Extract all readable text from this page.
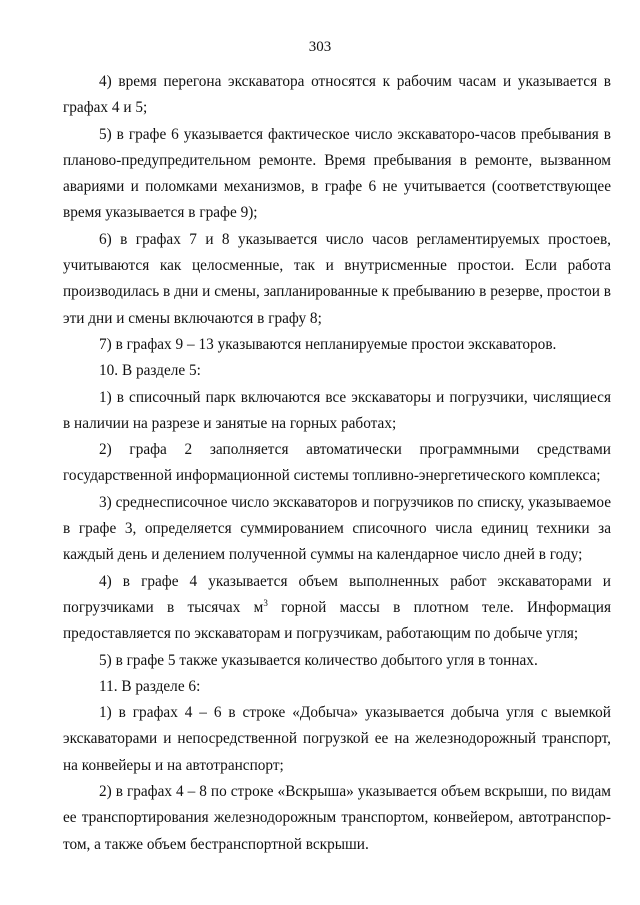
303

4) время перегона экскаватора относятся к рабочим часам и указывается в графах 4 и 5;

5) в графе 6 указывается фактическое число экскаваторо-часов пребывания в планово-предупредительном ремонте. Время пребывания в ремонте, вызванном авариями и поломками механизмов, в графе 6 не учитывается (соответствующее время указывается в графе 9);

6) в графах 7 и 8 указывается число часов регламентируемых простоев, учитываются как целосменные, так и внутрисменные простои. Если работа производилась в дни и смены, запланированные к пребыванию в резерве, простои в эти дни и смены включаются в графу 8;

7) в графах 9 – 13 указываются непланируемые простои экскаваторов.

10. В разделе 5:

1) в списочный парк включаются все экскаваторы и погрузчики, числящиеся в наличии на разрезе и занятые на горных работах;

2) графа 2 заполняется автоматически программными средствами государственной информационной системы топливно-энергетического комплекса;

3) среднесписочное число экскаваторов и погрузчиков по списку, указываемое в графе 3, определяется суммированием списочного числа единиц техники за каждый день и делением полученной суммы на календарное число дней в году;

4) в графе 4 указывается объем выполненных работ экскаваторами и погрузчиками в тысячах $м^3$ горной массы в плотном теле. Информация предоставляется по экскаваторам и погрузчикам, работающим по добыче угля;

5) в графе 5 также указывается количество добытого угля в тоннах.

11. В разделе 6:

1) в графах 4 – 6 в строке «Добыча» указывается добыча угля с выемкой экскаваторами и непосредственной погрузкой ее на железнодорожный транспорт, на конвейеры и на автотранспорт;

2) в графах 4 – 8 по строке «Вскрыша» указывается объем вскрыши, по видам ее транспортирования железнодорожным транспортом, конвейером, автотранспортом, а также объем бестранспортной вскрыши.
